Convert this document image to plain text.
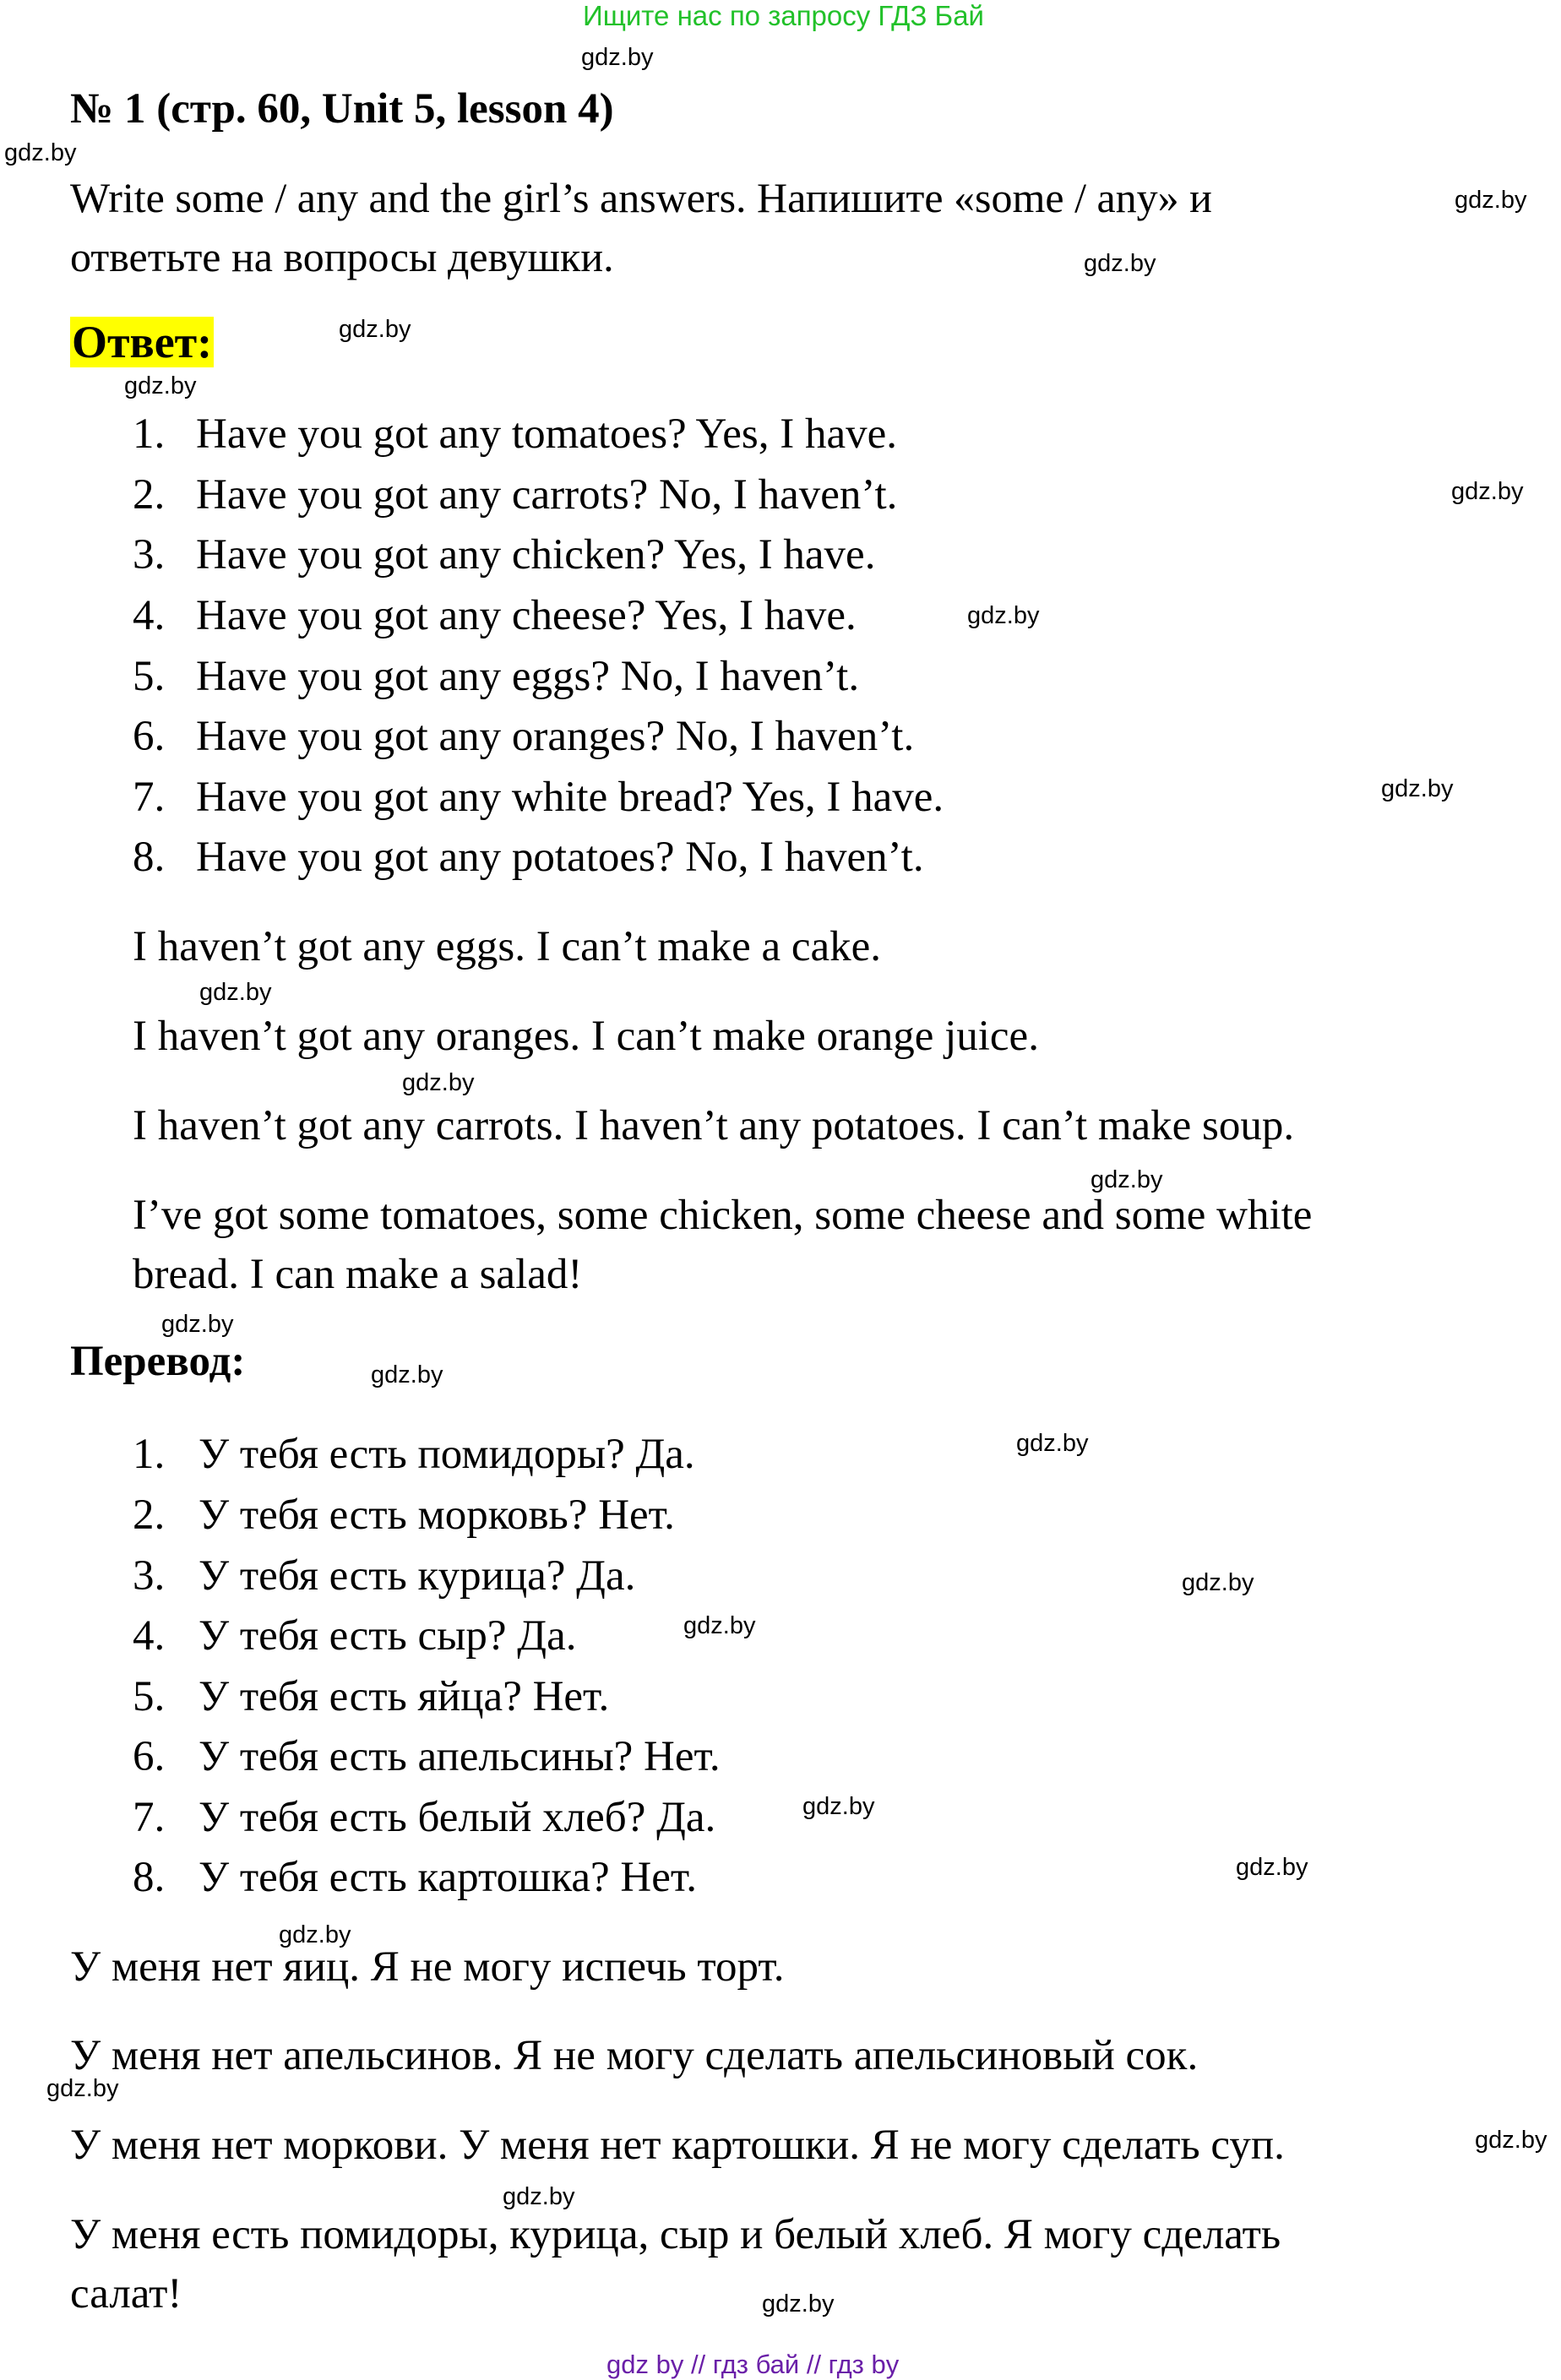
Ищите нас по запросу ГДЗ Бай
gdz.by
gdz.by
gdz.by
gdz.by
gdz.by
gdz.by
gdz.by
gdz.by
gdz.by
gdz.by
gdz.by
gdz.by
gdz.by
gdz.by
gdz.by
gdz.by
gdz.by
gdz.by
gdz.by
gdz.by
gdz.by
gdz.by
gdz.by
gdz.by
№ 1 (стр. 60, Unit 5, lesson 4)
Write some / any and the girl’s answers. Напишите «some / any» и
ответьте на вопросы девушки.
Ответ:
1. Have you got any tomatoes? Yes, I have.
2. Have you got any carrots? No, I haven’t.
3. Have you got any chicken? Yes, I have.
4. Have you got any cheese? Yes, I have.
5. Have you got any eggs? No, I haven’t.
6. Have you got any oranges? No, I haven’t.
7. Have you got any white bread? Yes, I have.
8. Have you got any potatoes? No, I haven’t.
I haven’t got any eggs. I can’t make a cake.
I haven’t got any oranges. I can’t make orange juice.
I haven’t got any carrots. I haven’t any potatoes. I can’t make soup.
I’ve got some tomatoes, some chicken, some cheese and some white
bread. I can make a salad!
Перевод:
1. У тебя есть помидоры? Да.
2. У тебя есть морковь? Нет.
3. У тебя есть курица? Да.
4. У тебя есть сыр? Да.
5. У тебя есть яйца? Нет.
6. У тебя есть апельсины? Нет.
7. У тебя есть белый хлеб? Да.
8. У тебя есть картошка? Нет.
У меня нет яиц. Я не могу испечь торт.
У меня нет апельсинов. Я не могу сделать апельсиновый сок.
У меня нет моркови. У меня нет картошки. Я не могу сделать суп.
У меня есть помидоры, курица, сыр и белый хлеб. Я могу сделать
салат!
gdz by // гдз бай // гдз by
